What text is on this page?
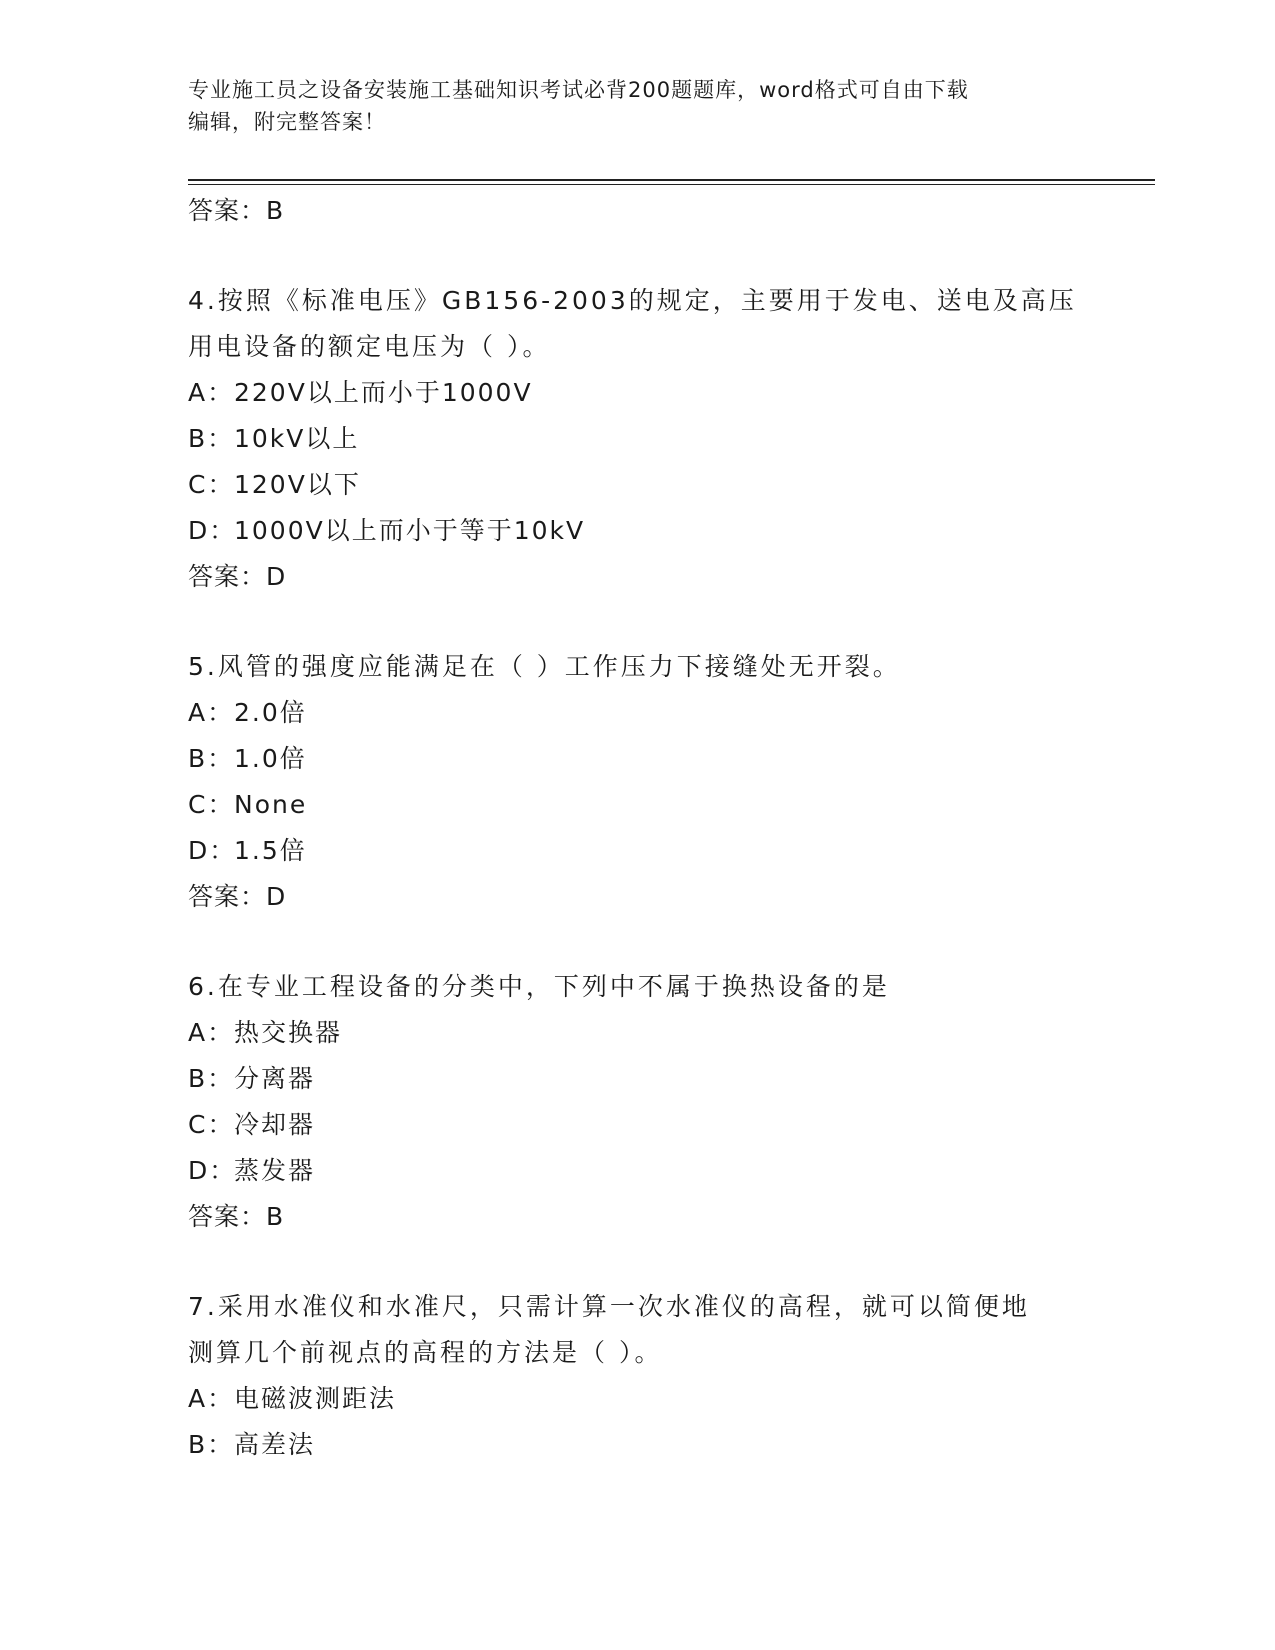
专业施工员之设备安装施工基础知识考试必背200题题库，word格式可自由下载
编辑，附完整答案！
答案：B
4.按照《标准电压》GB156-2003的规定，主要用于发电、送电及高压
用电设备的额定电压为（ ）。
A：220V以上而小于1000V
B：10kV以上
C：120V以下
D：1000V以上而小于等于10kV
答案：D
5.风管的强度应能满足在（ ）工作压力下接缝处无开裂。
A：2.0倍
B：1.0倍
C：None
D：1.5倍
答案：D
6.在专业工程设备的分类中，下列中不属于换热设备的是
A：热交换器
B：分离器
C：冷却器
D：蒸发器
答案：B
7.采用水准仪和水准尺，只需计算一次水准仪的高程，就可以简便地
测算几个前视点的高程的方法是（ ）。
A：电磁波测距法
B：高差法
